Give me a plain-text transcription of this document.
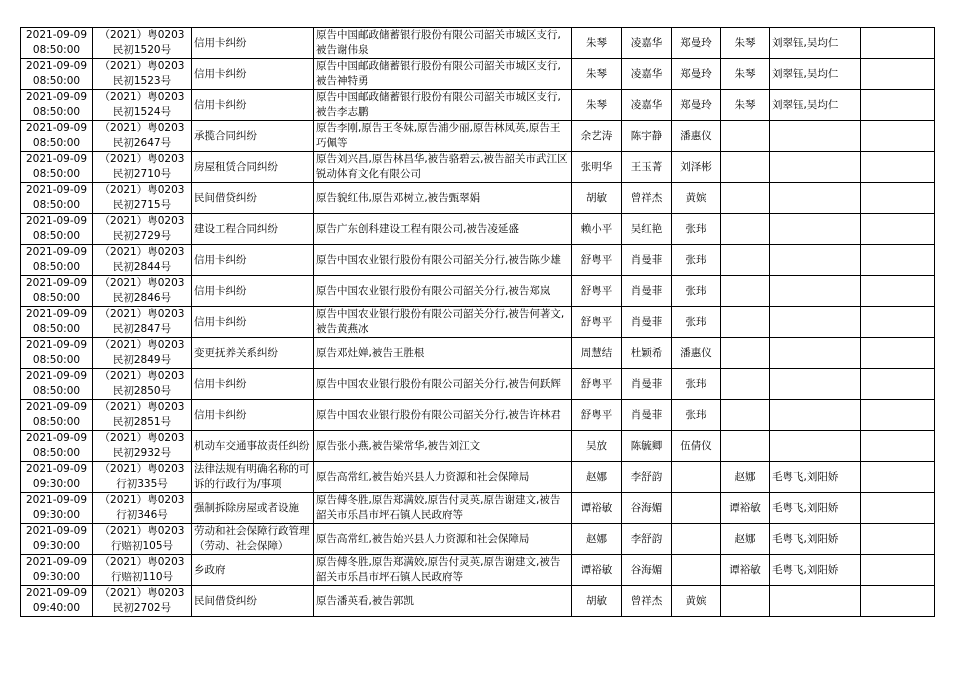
2021-09-09 08:50:00	（2021）粤0203民初1520号	信用卡纠纷	原告中国邮政储蓄银行股份有限公司韶关市城区支行,被告谢伟泉	朱琴	凌嘉华	郑曼玲	朱琴	刘翠钰,吴均仁	
2021-09-09 08:50:00	（2021）粤0203民初1523号	信用卡纠纷	原告中国邮政储蓄银行股份有限公司韶关市城区支行,被告神特勇	朱琴	凌嘉华	郑曼玲	朱琴	刘翠钰,吴均仁	
2021-09-09 08:50:00	（2021）粤0203民初1524号	信用卡纠纷	原告中国邮政储蓄银行股份有限公司韶关市城区支行,被告李志鹏	朱琴	凌嘉华	郑曼玲	朱琴	刘翠钰,吴均仁	
2021-09-09 08:50:00	（2021）粤0203民初2647号	承揽合同纠纷	原告李刚,原告王冬妹,原告浦少丽,原告林凤英,原告王巧佩等	余艺涛	陈宇静	潘惠仪			
2021-09-09 08:50:00	（2021）粤0203民初2710号	房屋租赁合同纠纷	原告刘兴昌,原告林昌华,被告骆碧云,被告韶关市武江区锐动体育文化有限公司	张明华	王玉菁	刘泽彬			
2021-09-09 08:50:00	（2021）粤0203民初2715号	民间借贷纠纷	原告貌红伟,原告邓树立,被告甄翠娟	胡敏	曾祥杰	黄嫔			
2021-09-09 08:50:00	（2021）粤0203民初2729号	建设工程合同纠纷	原告广东创科建设工程有限公司,被告凌延盛	赖小平	吴红艳	张玮			
2021-09-09 08:50:00	（2021）粤0203民初2844号	信用卡纠纷	原告中国农业银行股份有限公司韶关分行,被告陈少雄	舒粤平	肖曼菲	张玮			
2021-09-09 08:50:00	（2021）粤0203民初2846号	信用卡纠纷	原告中国农业银行股份有限公司韶关分行,被告郑岚	舒粤平	肖曼菲	张玮			
2021-09-09 08:50:00	（2021）粤0203民初2847号	信用卡纠纷	原告中国农业银行股份有限公司韶关分行,被告何著文,被告黄燕冰	舒粤平	肖曼菲	张玮			
2021-09-09 08:50:00	（2021）粤0203民初2849号	变更抚养关系纠纷	原告邓灶婵,被告王胜根	周慧结	杜颖希	潘惠仪			
2021-09-09 08:50:00	（2021）粤0203民初2850号	信用卡纠纷	原告中国农业银行股份有限公司韶关分行,被告何跃辉	舒粤平	肖曼菲	张玮			
2021-09-09 08:50:00	（2021）粤0203民初2851号	信用卡纠纷	原告中国农业银行股份有限公司韶关分行,被告许林君	舒粤平	肖曼菲	张玮			
2021-09-09 08:50:00	（2021）粤0203民初2932号	机动车交通事故责任纠纷	原告张小燕,被告梁常华,被告刘江文	吴放	陈毓卿	伍倩仪			
2021-09-09 09:30:00	（2021）粤0203行初335号	法律法规有明确名称的可诉的行政行为/事项	原告高常红,被告始兴县人力资源和社会保障局	赵娜	李舒韵		赵娜	毛粤飞,刘阳娇	
2021-09-09 09:30:00	（2021）粤0203行初346号	强制拆除房屋或者设施	原告傅冬胜,原告郑满姣,原告付灵英,原告谢建文,被告韶关市乐昌市坪石镇人民政府等	谭裕敏	谷海媚		谭裕敏	毛粤飞,刘阳娇	
2021-09-09 09:30:00	（2021）粤0203行赔初105号	劳动和社会保障行政管理（劳动、社会保障）	原告高常红,被告始兴县人力资源和社会保障局	赵娜	李舒韵		赵娜	毛粤飞,刘阳娇	
2021-09-09 09:30:00	（2021）粤0203行赔初110号	乡政府	原告傅冬胜,原告郑满姣,原告付灵英,原告谢建文,被告韶关市乐昌市坪石镇人民政府等	谭裕敏	谷海媚		谭裕敏	毛粤飞,刘阳娇	
2021-09-09 09:40:00	（2021）粤0203民初2702号	民间借贷纠纷	原告潘英看,被告郭凯	胡敏	曾祥杰	黄嫔			
